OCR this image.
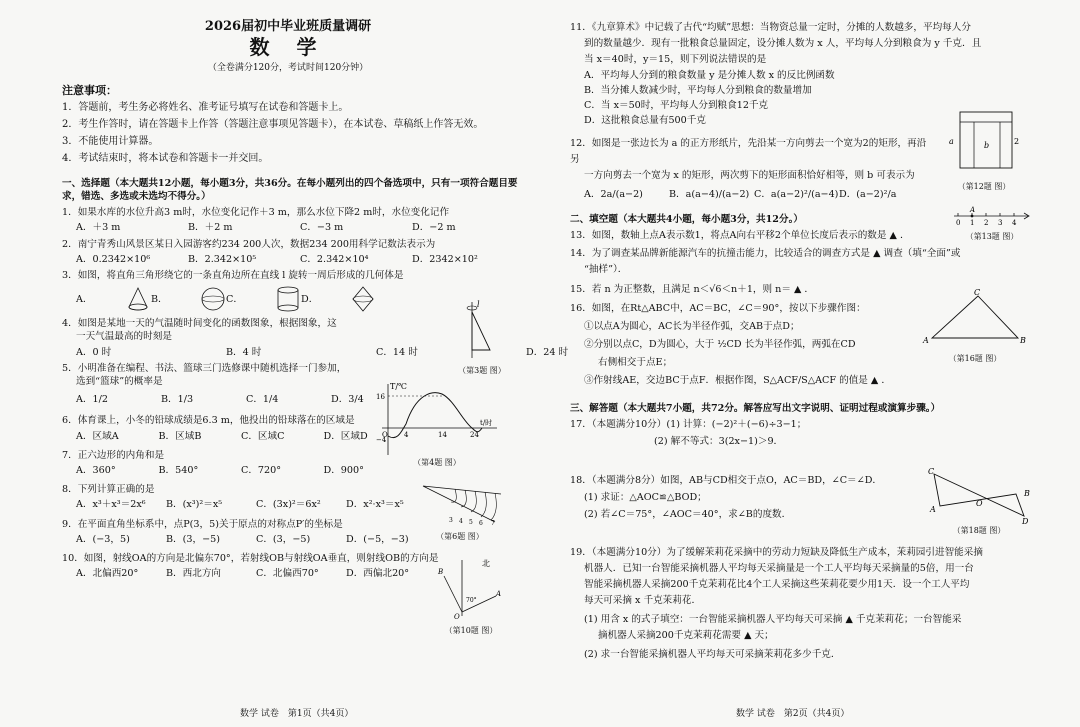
2026届初中毕业班质量调研
数 学
（全卷满分120分，考试时间120分钟）
注意事项：
1．答题前，考生务必将姓名、准考证号填写在试卷和答题卡上。
2．考生作答时，请在答题卡上作答（答题注意事项见答题卡），在本试卷、草稿纸上作答无效。
3．不能使用计算器。
4．考试结束时，将本试卷和答题卡一并交回。
一、选择题（本大题共12小题，每小题3分，共36分。在每小题列出的四个备选项中，只有一项符合题目要求，错选、多选或未选均不得分。）
1．如果水库的水位升高3 m时，水位变化记作＋3 m，那么水位下降2 m时，水位变化记作
A．＋3 m	B．＋2 m	C．−3 m	D．−2 m
2．南宁青秀山风景区某日入园游客约234 200人次，数据234 200用科学记数法表示为
A．0.2342×10⁶	B．2.342×10⁵	C．2.342×10⁴	D．2342×10²
3．如图，将直角三角形绕它的一条直角边所在直线 l 旋转一周后形成的几何体是
A．	B．	C．	D．	l
（第3题 图）
4．如图是某地一天的气温随时间变化的函数图象，根据图象，这
一天气温最高的时刻是
A．0 时	B．4 时	C．14 时	D．24 时
T/℃
16
O 4	14	24
t/时
−4
（第4题 图）
5．小明准备在编程、书法、篮球三门选修课中随机选择一门参加，
选到“篮球”的概率是
A．1/2	B．1/3	C．1/4	D．3/4
6．体育课上，小冬的铅球成绩是6.3 m，他投出的铅球落在的区域是
A．区域A	B．区域B	C．区域C	D．区域D
3 4 5 6 7
（第6题 图）
7．正六边形的内角和是
A．360°	B．540°	C．720°	D．900°
8．下列计算正确的是
A．x³＋x³＝2x⁶	B．(x³)²＝x⁵	C．(3x)²＝6x²	D．x²·x³＝x⁵
9．在平面直角坐标系中，点P(3，5)关于原点的对称点P′的坐标是
A．(−3，5)	B．(3，−5)	C．(3，−5)	D．(−5，−3)
10．如图，射线OA的方向是北偏东70°，若射线OB与射线OA垂直，则射线OB的方向是
A．北偏西20°	B．西北方向	C．北偏西70°	D．西偏北20°
北
B
70°
A
O
（第10题 图）
数学 试卷　第1页（共4页）
11．《九章算术》中记载了古代“均赋”思想：当物资总量一定时，分摊的人数越多，平均每人分
到的数量越少．现有一批粮食总量固定，设分摊人数为 x 人，平均每人分到粮食为 y 千克．且
当 x＝40时，y＝15，则下列说法错误的是
A．平均每人分到的粮食数量 y 是分摊人数 x 的反比例函数
B．当分摊人数减少时，平均每人分到粮食的数量增加
C．当 x＝50时，平均每人分到粮食12千克
D．这批粮食总量有500千克
2
a	b
（第12题 图）
12．如图是一张边长为 a 的正方形纸片，先沿某一方向剪去一个宽为2的矩形，再沿另
一方向剪去一个宽为 x 的矩形，两次剪下的矩形面积恰好相等，则 b 可表示为
A．2a/(a−2)	B．a(a−4)/(a−2) C．a(a−2)²/(a−4) D．(a−2)²/a
二、填空题（本大题共4小题，每小题3分，共12分。）
13．如图，数轴上点A表示数1，将点A向右平移2个单位长度后表示的数是 ▲ ．
0 1 2 3 4
A
（第13题 图）
14．为了调查某品牌新能源汽车的抗撞击能力，比较适合的调查方式是 ▲ 调查（填“全面”或
“抽样”）．
15．若 n 为正整数，且满足 n＜√6＜n＋1，则 n＝ ▲ ．
16．如图，在Rt△ABC中，AC＝BC，∠C＝90°，按以下步骤作图：
①以点A为圆心，AC长为半径作弧，交AB于点D；
②分别以点C，D为圆心，大于 ½CD 长为半径作弧，两弧在CD
右侧相交于点E；
③作射线AE，交边BC于点F．根据作图，S△ACF/S△ACF 的值是 ▲ ．
C
A	B
（第16题 图）
三、解答题（本大题共7小题，共72分。解答应写出文字说明、证明过程或演算步骤。）
17．（本题满分10分）(1) 计算：(−2)²＋(−6)÷3−1；
(2) 解不等式：3(2x−1)＞9．
18．（本题满分8分）如图，AB与CD相交于点O，AC＝BD，∠C＝∠D．
(1) 求证：△AOC≌△BOD；
(2) 若∠C＝75°，∠AOC＝40°，求∠B的度数．
C
A
O
B
D
（第18题 图）
19．（本题满分10分）为了缓解茉莉花采摘中的劳动力短缺及降低生产成本，茉莉园引进智能采摘
机器人．已知一台智能采摘机器人平均每天采摘量是一个工人平均每天采摘量的5倍，用一台
智能采摘机器人采摘200千克茉莉花比4个工人采摘这些茉莉花要少用1天．设一个工人平均
每天可采摘 x 千克茉莉花．
(1) 用含 x 的式子填空：一台智能采摘机器人平均每天可采摘 ▲ 千克茉莉花；一台智能采
摘机器人采摘200千克茉莉花需要 ▲ 天；
(2) 求一台智能采摘机器人平均每天可采摘茉莉花多少千克．
数学 试卷　第2页（共4页）
